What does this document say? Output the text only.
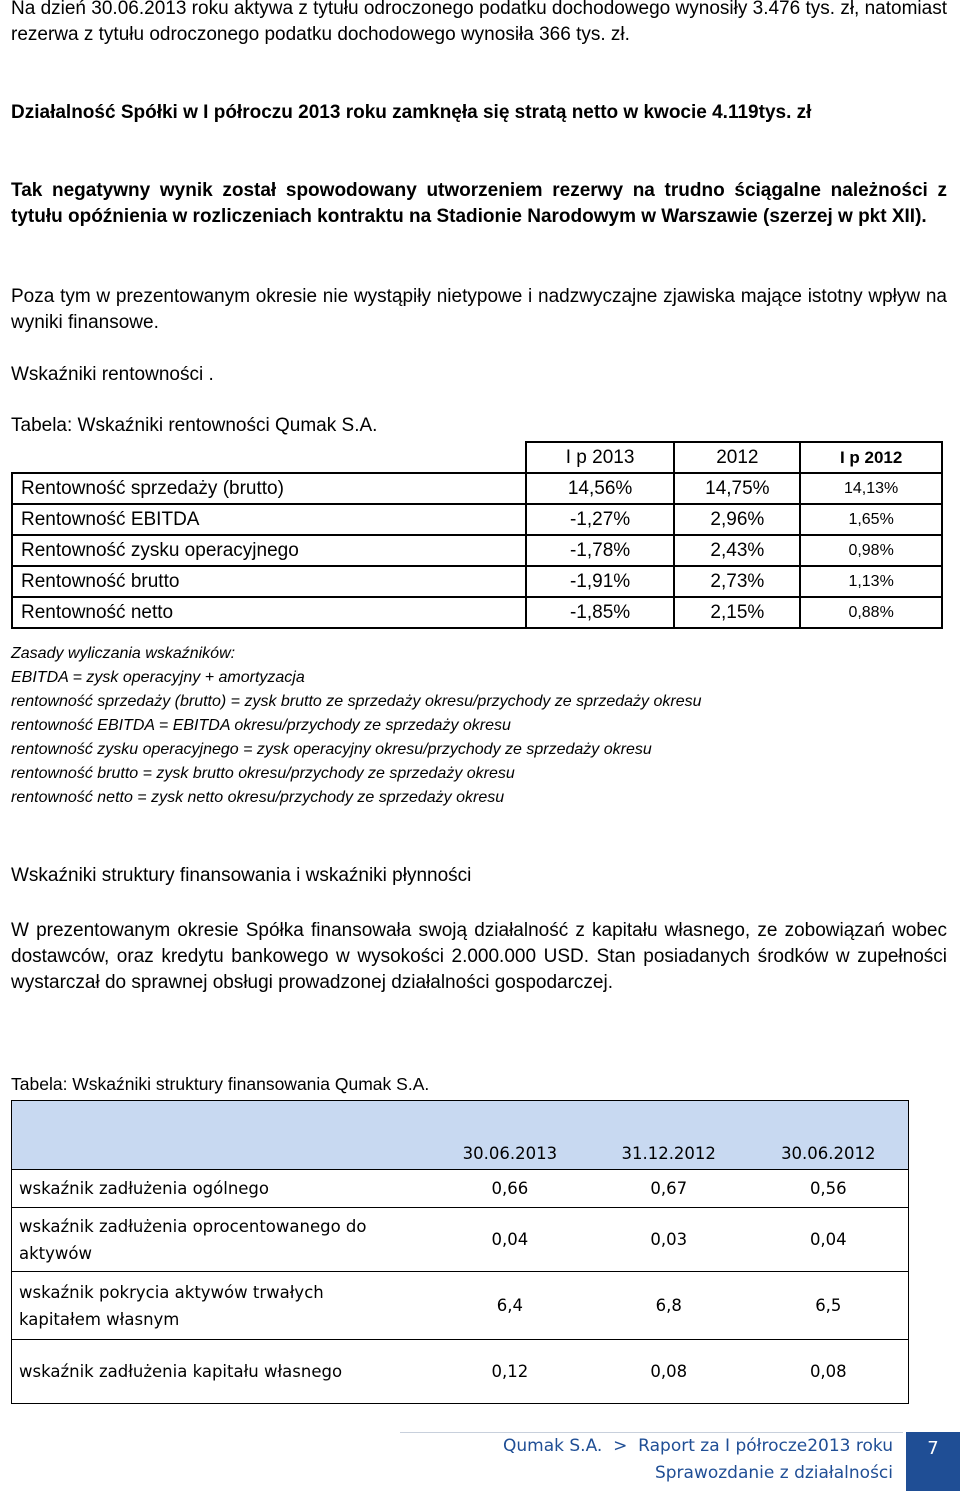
Na dzień 30.06.2013 roku aktywa z tytułu odroczonego podatku dochodowego wynosiły 3.476 tys. zł, natomiast rezerwa z tytułu odroczonego podatku dochodowego wynosiła 366 tys. zł.
Działalność Spółki w I półroczu 2013 roku zamknęła się stratą netto w kwocie 4.119tys. zł
Tak negatywny wynik został spowodowany utworzeniem rezerwy na trudno ściągalne należności z tytułu opóźnienia w rozliczeniach kontraktu na Stadionie Narodowym w Warszawie (szerzej w pkt XII).
Poza tym w prezentowanym okresie nie wystąpiły nietypowe i nadzwyczajne zjawiska mające istotny wpływ na wyniki finansowe.
Wskaźniki rentowności .
Tabela: Wskaźniki rentowności Qumak S.A.
	I p 2013	2012	I p 2012
Rentowność sprzedaży (brutto)	14,56%	14,75%	14,13%
Rentowność EBITDA	-1,27%	2,96%	1,65%
Rentowność zysku operacyjnego	-1,78%	2,43%	0,98%
Rentowność brutto	-1,91%	2,73%	1,13%
Rentowność netto	-1,85%	2,15%	0,88%
Zasady wyliczania wskaźników:
EBITDA = zysk operacyjny + amortyzacja
rentowność sprzedaży (brutto) = zysk brutto ze sprzedaży okresu/przychody ze sprzedaży okresu
rentowność EBITDA = EBITDA okresu/przychody ze sprzedaży okresu
rentowność zysku operacyjnego = zysk operacyjny okresu/przychody ze sprzedaży okresu
rentowność brutto = zysk brutto okresu/przychody ze sprzedaży okresu
rentowność netto = zysk netto okresu/przychody ze sprzedaży okresu
Wskaźniki struktury finansowania i wskaźniki płynności
W prezentowanym okresie Spółka finansowała swoją działalność z kapitału własnego, ze zobowiązań wobec dostawców, oraz kredytu bankowego w wysokości 2.000.000 USD. Stan posiadanych środków w zupełności wystarczał do sprawnej obsługi prowadzonej działalności gospodarczej.
Tabela: Wskaźniki struktury finansowania Qumak S.A.
	30.06.2013	31.12.2012	30.06.2012
wskaźnik zadłużenia ogólnego	0,66	0,67	0,56
wskaźnik zadłużenia oprocentowanego do aktywów	0,04	0,03	0,04
wskaźnik pokrycia aktywów trwałych kapitałem własnym	6,4	6,8	6,5
wskaźnik zadłużenia kapitału własnego	0,12	0,08	0,08
Qumak S.A.  >  Raport za I półrocze2013 roku
Sprawozdanie z działalności
7
